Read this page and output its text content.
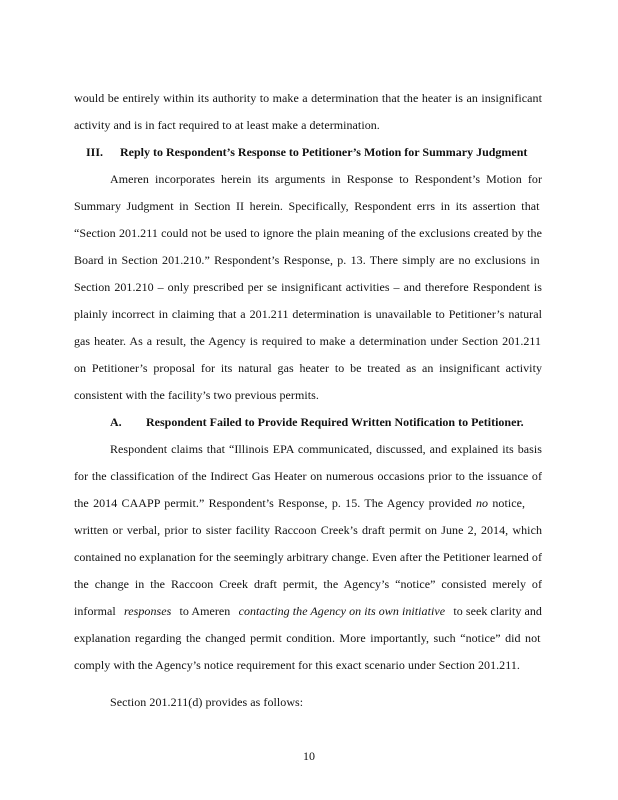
would be entirely within its authority to make a determination that the heater is an insignificant
activity and is in fact required to at least make a determination.
III. Reply to Respondent’s Response to Petitioner’s Motion for Summary Judgment
Ameren incorporates herein its arguments in Response to Respondent’s Motion for
Summary Judgment in Section II herein. Specifically, Respondent errs in its assertion that
“Section 201.211 could not be used to ignore the plain meaning of the exclusions created by the
Board in Section 201.210.” Respondent’s Response, p. 13. There simply are no exclusions in
Section 201.210 – only prescribed per se insignificant activities – and therefore Respondent is
plainly incorrect in claiming that a 201.211 determination is unavailable to Petitioner’s natural
gas heater. As a result, the Agency is required to make a determination under Section 201.211
on Petitioner’s proposal for its natural gas heater to be treated as an insignificant activity
consistent with the facility’s two previous permits.
A. Respondent Failed to Provide Required Written Notification to Petitioner.
Respondent claims that “Illinois EPA communicated, discussed, and explained its basis
for the classification of the Indirect Gas Heater on numerous occasions prior to the issuance of
the 2014 CAAPP permit.” Respondent’s Response, p. 15. The Agency provided no notice,
written or verbal, prior to sister facility Raccoon Creek’s draft permit on June 2, 2014, which
contained no explanation for the seemingly arbitrary change. Even after the Petitioner learned of
the change in the Raccoon Creek draft permit, the Agency’s “notice” consisted merely of
informal responses to Ameren contacting the Agency on its own initiative to seek clarity and
explanation regarding the changed permit condition. More importantly, such “notice” did not
comply with the Agency’s notice requirement for this exact scenario under Section 201.211.
Section 201.211(d) provides as follows:
10
